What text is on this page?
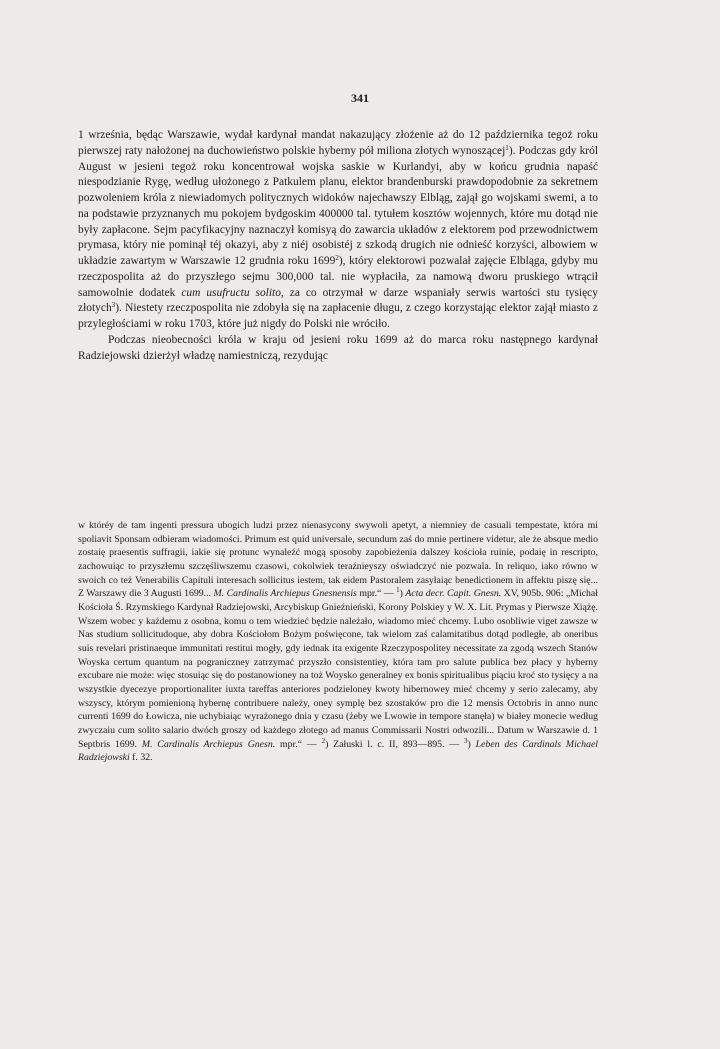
341

1 września, będąc Warszawie, wydał kardynał mandat nakazujący złożenie aż do 12 października tegoż roku pierwszej raty nałożonej na duchowieństwo polskie hyberny pół miliona złotych wynoszącej$^1$). Podczas gdy król August w jesieni tegoż roku koncentrował wojska saskie w Kurlandyi, aby w końcu grudnia napaść niespodzianie Rygę, według ułożonego z Patkulem planu, elektor brandenburski prawdopodobnie za sekretnem pozwoleniem króla z niewiadomych politycznych widoków najechawszy Elbląg, zajął go wojskami swemi, a to na podstawie przyznanych mu pokojem bydgoskim 400000 tal. tytułem kosztów wojennych, które mu dotąd nie były zapłacone. Sejm pacyfikacyjny naznaczył komisyą do zawarcia układów z elektorem pod przewodnictwem prymasa, który nie pominął téj okazyi, aby z niéj osobistéj z szkodą drugich nie odnieść korzyści, albowiem w układzie zawartym w Warszawie 12 grudnia roku 1699$^2$), który elektorowi pozwalał zajęcie Elbląga, gdyby mu rzeczpospolita aż do przyszłego sejmu 300,000 tal. nie wypłaciła, za namową dworu pruskiego wtrącił samowolnie dodatek cum usufructu solito, za co otrzymał w darze wspaniały serwis wartości stu tysięcy złotych$^3$). Niestety rzeczpospolita nie zdobyła się na zapłacenie długu, z czego korzystając elektor zajął miasto z przyległościami w roku 1703, które już nigdy do Polski nie wróciło.

Podczas nieobecności króla w kraju od jesieni roku 1699 aż do marca roku następnego kardynał Radziejowski dzierżył władzę namiestniczą, rezydując

w któréy de tam ingenti pressura ubogich ludzi przez nienasycony swywoli apetyt, a niemniey de casuali tempestate, która mi spoliavit Sponsam odbieram wiadomości. Primum est quid universale, secundum zaś do mnie pertinere videtur, ale że absque medio zostaię praesentis suffragii, iakie się protunc wynaleźć mogą sposoby zapobieżenia dalszey kościoła ruinie, podaię in rescripto, zachowuiąc to przyszłemu szczęśliwszemu czasowi, cokolwiek teraźnieyszy oświadczyć nie pozwala. In reliquo, iako równo w swoich co też Venerabilis Capituli interesach sollicitus iestem, tak eidem Pastoralem zasyłaiąc benedictionem in affektu piszę się... Z Warszawy die 3 Augusti 1699... M. Cardinalis Archiepus Gnesnensis mpr.“ — $^1$) Acta decr. Capit. Gnesn. XV, 905b. 906: „Michał Kościoła Ś. Rzymskiego Kardynał Radziejowski, Arcybiskup Gnieźnieński, Korony Polskiey y W. X. Lit. Prymas y Pierwsze Xiążę. Wszem wobec y każdemu z osobna, komu o tem wiedzieć będzie należało, wiadomo mieć chcemy. Lubo osobliwie viget zawsze w Nas studium sollicitudoque, aby dobra Kościołom Bożym poświęcone, tak wielom zaś calamitatibus dotąd podległe, ab oneribus suis revelari pristinaeque immunitati restitui mogły, gdy iednak ita exigente Rzeczypospolitey necessitate za zgodą wszech Stanów Woyska certum quantum na pograniczney zatrzymać przyszło consistentiey, która tam pro salute publica bez płacy y hyberny excubare nie może: więc stosuiąc się do postanowioney na toż Woysko generalney ex bonis spiritualibus piąciu kroć sto tysięcy a na wszystkie dyecezye proportionaliter iuxta tareffas anteriores podzieloney kwoty hibernowey mieć chcemy y serio zalecamy, aby wszyscy, którym pomienioną hybernę contribuere należy, oney symplę bez szostaków pro die 12 mensis Octobris in anno nunc currenti 1699 do Łowicza, nie uchybiaiąc wyrażonego dnia y czasu (żeby we Lwowie in tempore stanęła) w białey monecie według zwyczaiu cum solito salario dwóch groszy od każdego złotego ad manus Commissarii Nostri odwozili... Datum w Warszawie d. 1 Septbris 1699. M. Cardinalis Archiepus Gnesn. mpr.“ — $^2$) Załuski l. c. II, 893—895. — $^3$) Leben des Cardinals Michael Radziejowski f. 32.
